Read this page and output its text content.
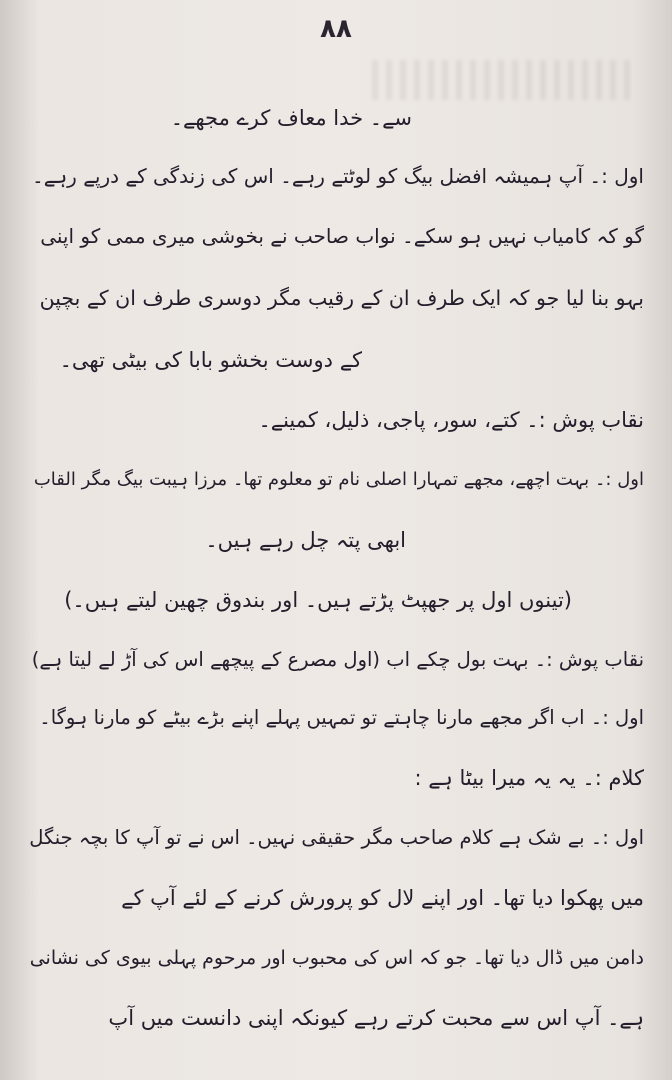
۸۸
سے۔ خدا معاف کرے مجھے۔
اول :۔ آپ ہمیشہ افضل بیگ کو لوٹتے رہے۔ اس کی زندگی کے درپے رہے۔
گو کہ کامیاب نہیں ہو سکے۔ نواب صاحب نے بخوشی میری ممی کو اپنی
بہو بنا لیا جو کہ ایک طرف ان کے رقیب مگر دوسری طرف ان کے بچپن
کے دوست بخشو بابا کی بیٹی تھی۔
نقاب پوش :۔ کتے، سور، پاجی، ذلیل، کمینے۔
اول :۔ بہت اچھے، مجھے تمہارا اصلی نام تو معلوم تھا۔ مرزا ہیبت بیگ مگر القاب
ابھی پتہ چل رہے ہیں۔
(تینوں اول پر جھپٹ پڑتے ہیں۔ اور بندوق چھین لیتے ہیں۔)
نقاب پوش :۔ بہت بول چکے اب (اول مصرع کے پیچھے اس کی آڑ لے لیتا ہے)
اول :۔ اب اگر مجھے مارنا چاہتے تو تمہیں پہلے اپنے بڑے بیٹے کو مارنا ہوگا۔
کلام :۔ یہ یہ میرا بیٹا ہے :
اول :۔ بے شک ہے کلام صاحب مگر حقیقی نہیں۔ اس نے تو آپ کا بچہ جنگل
میں پھکوا دیا تھا۔ اور اپنے لال کو پرورش کرنے کے لئے آپ کے
دامن میں ڈال دیا تھا۔ جو کہ اس کی محبوب اور مرحوم پہلی بیوی کی نشانی
ہے۔ آپ اس سے محبت کرتے رہے کیونکہ اپنی دانست میں آپ
